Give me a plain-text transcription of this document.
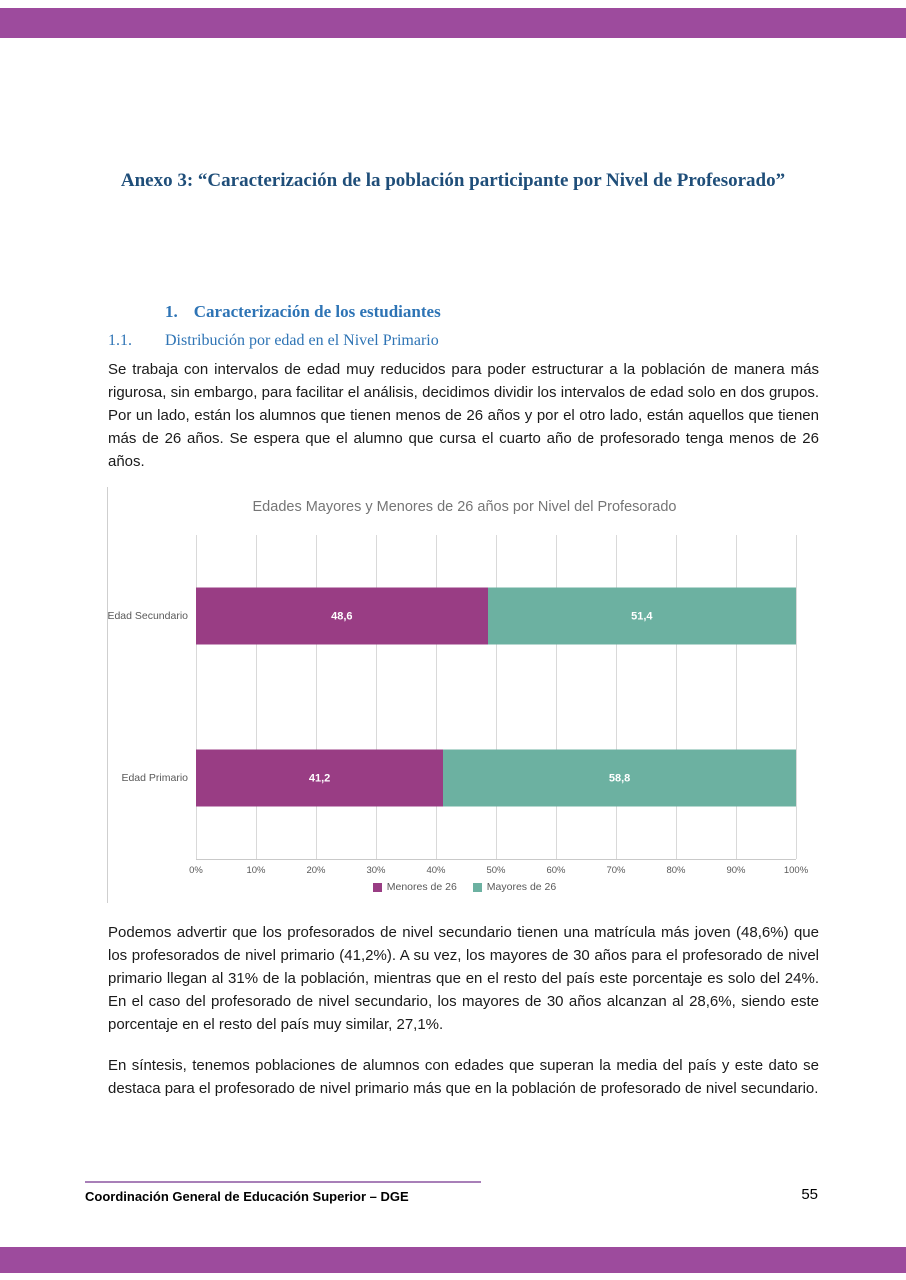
Anexo 3: “Caracterización de la población participante por Nivel de Profesorado”
1. Caracterización de los estudiantes
1.1. Distribución por edad en el Nivel Primario

Se trabaja con intervalos de edad muy reducidos para poder estructurar a la población de manera más rigurosa, sin embargo, para facilitar el análisis, decidimos dividir los intervalos de edad solo en dos grupos. Por un lado, están los alumnos que tienen menos de 26 años y por el otro lado, están aquellos que tienen más de 26 años. Se espera que el alumno que cursa el cuarto año de profesorado tenga menos de 26 años.

Edades Mayores y Menores de 26 años por Nivel del Profesorado
Edad Secundario	48,6	51,4
Edad Primario	41,2	58,8
0%	10%	20%	30%	40%	50%	60%	70%	80%	90%	100%
Menores de 26	Mayores de 26

Podemos advertir que los profesorados de nivel secundario tienen una matrícula más joven (48,6%) que los profesorados de nivel primario (41,2%). A su vez, los mayores de 30 años para el profesorado de nivel primario llegan al 31% de la población, mientras que en el resto del país este porcentaje es solo del 24%. En el caso del profesorado de nivel secundario, los mayores de 30 años alcanzan al 28,6%, siendo este porcentaje en el resto del país muy similar, 27,1%.

En síntesis, tenemos poblaciones de alumnos con edades que superan la media del país y este dato se destaca para el profesorado de nivel primario más que en la población de profesorado de nivel secundario.

Coordinación General de Educación Superior – DGE	55
